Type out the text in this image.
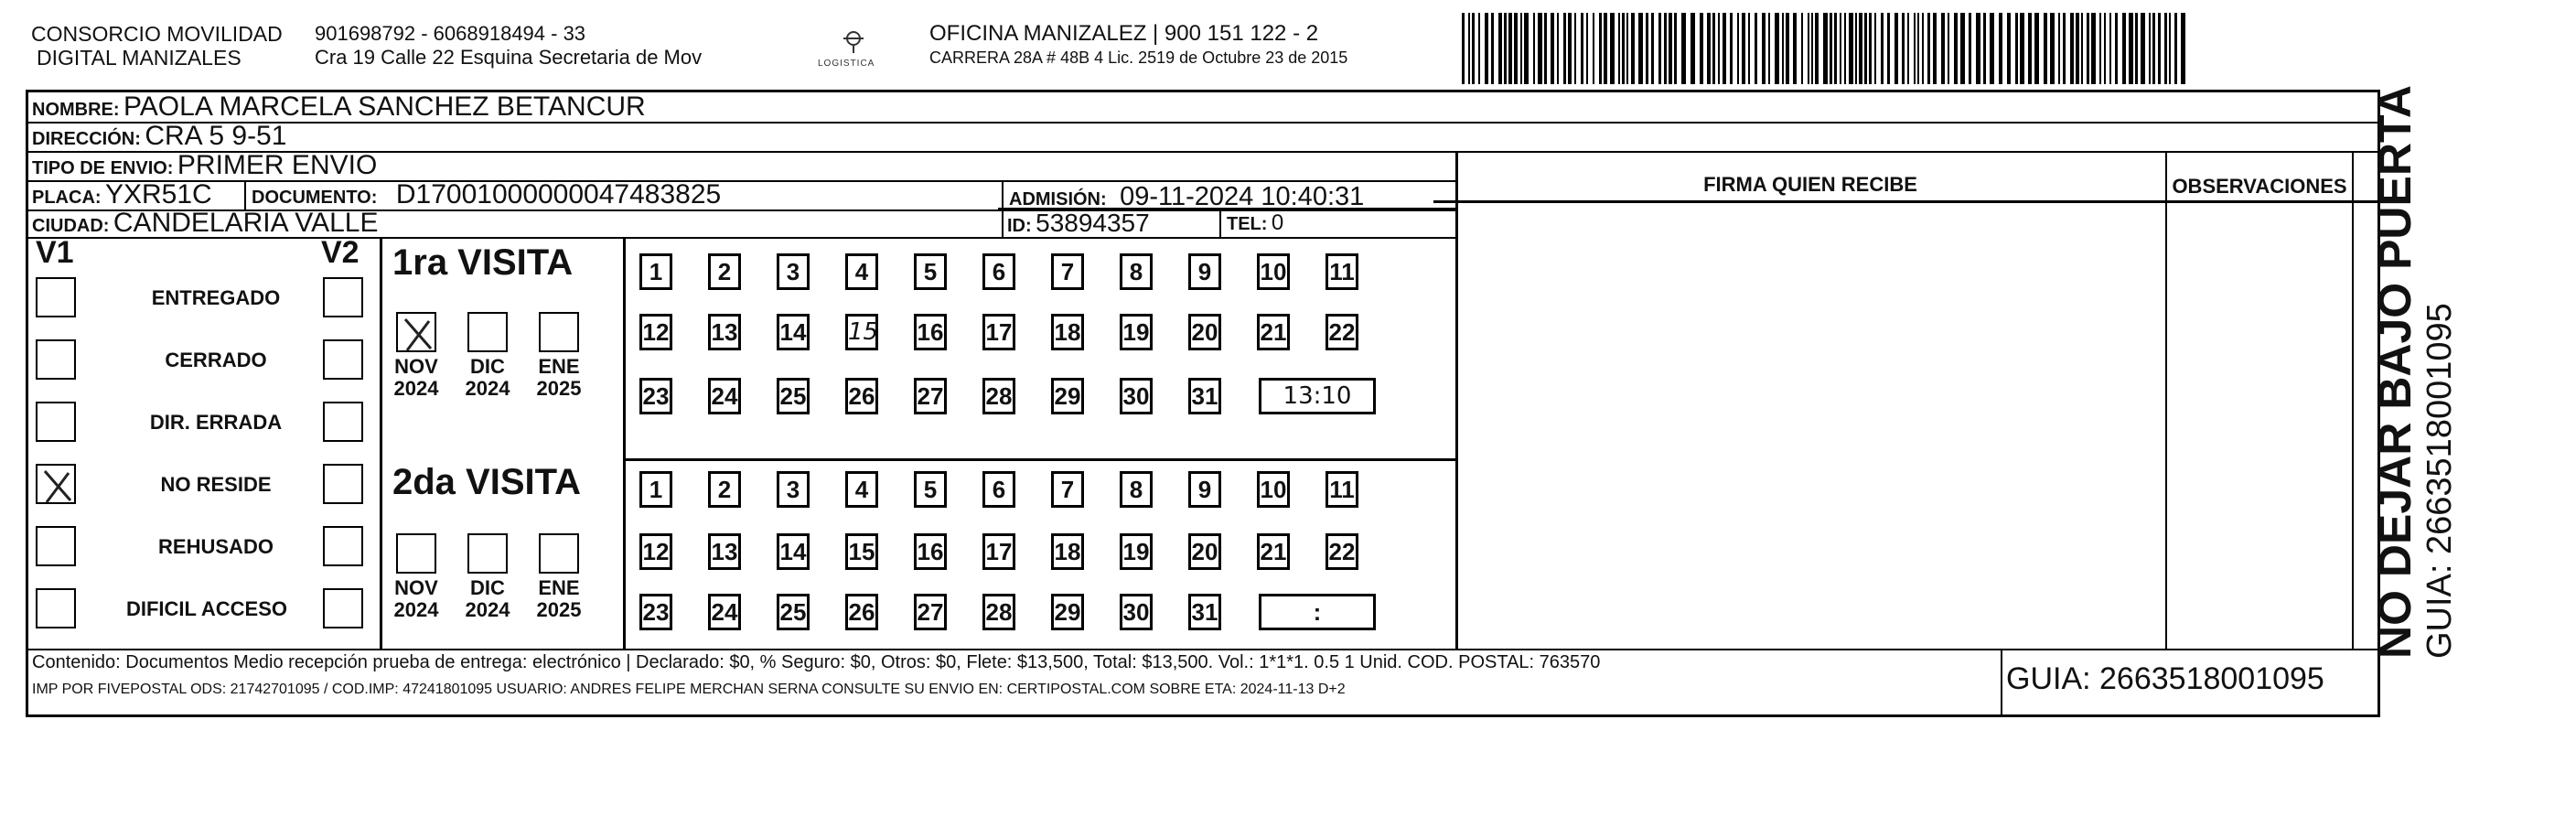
CONSORCIO MOVILIDAD
DIGITAL MANIZALES
901698792 - 6068918494 - 33
Cra 19 Calle 22 Esquina Secretaria de Mov	LOGISTICA
OFICINA MANIZALEZ | 900 151 122 - 2
CARRERA 28A # 48B 4 Lic. 2519 de Octubre 23 de 2015
NOMBRE: PAOLA MARCELA SANCHEZ BETANCUR
DIRECCIÓN: CRA 5 9-51
TIPO DE ENVIO: PRIMER ENVIO
PLACA: YXR51C DOCUMENTO: D17001000000047483825	ADMISIÓN: 09-11-2024 10:40:31
CIUDAD: CANDELARIA VALLE	ID: 53894357	TEL: 0
FIRMA QUIEN RECIBE	OBSERVACIONES
V1	V2
ENTREGADO
CERRADO
DIR. ERRADA
NO RESIDE
REHUSADO
DIFICIL ACCESO
1ra VISITA
NOV
2024
DIC
2024
ENE
2025
1	2	3	4	5	6	7	8	9	10 11
12 13 14 15 16 17 18 19 20 21 22
23 24 25 26 27 28 29 30 31	13:10
2da VISITA
NOV
2024
DIC
2024
ENE
2025
1	2	3	4	5	6	7	8	9	10 11
12 13 14 15 16 17 18 19 20 21 22
23 24 25 26 27 28 29 30 31	:
Contenido: Documentos Medio recepción prueba de entrega: electrónico | Declarado: $0, % Seguro: $0, Otros: $0, Flete: $13,500, Total: $13,500. Vol.: 1*1*1. 0.5 1 Unid. COD. POSTAL: 763570
IMP POR FIVEPOSTAL ODS: 21742701095 / COD.IMP: 47241801095 USUARIO: ANDRES FELIPE MERCHAN SERNA CONSULTE SU ENVIO EN: CERTIPOSTAL.COM SOBRE ETA: 2024-11-13 D+2	GUIA: 2663518001095
NO DEJAR BAJO PUERTA GUIA: 2663518001095
